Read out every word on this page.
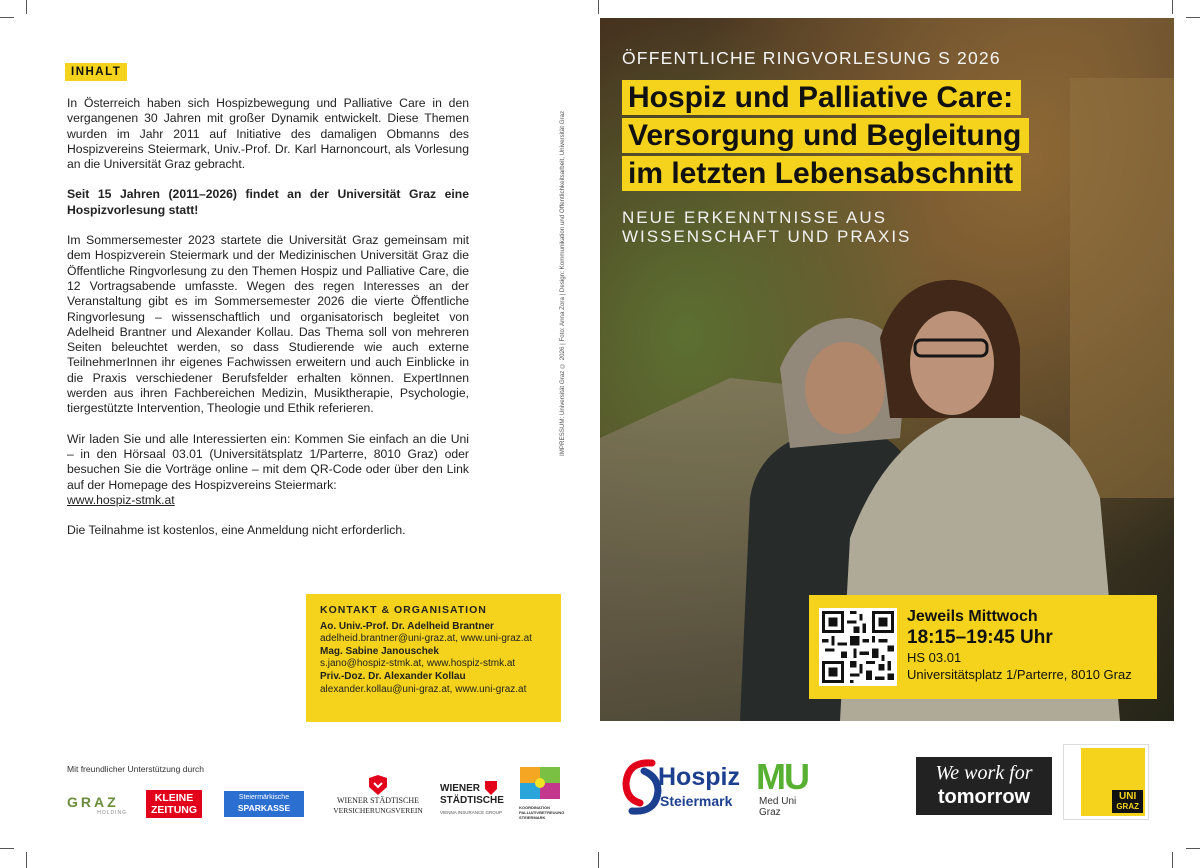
INHALT

In Österreich haben sich Hospizbewegung und Palliative Care in den vergangenen 30 Jahren mit großer Dynamik entwickelt. Diese Themen wurden im Jahr 2011 auf Initiative des damaligen Obmanns des Hospizvereins Steiermark, Univ.-Prof. Dr. Karl Harnoncourt, als Vorlesung an die Universität Graz gebracht.

Seit 15 Jahren (2011–2026) findet an der Universität Graz eine Hospizvorlesung statt!

Im Sommersemester 2023 startete die Universität Graz gemeinsam mit dem Hospizverein Steiermark und der Medizinischen Universität Graz die Öffentliche Ringvorlesung zu den Themen Hospiz und Palliative Care, die 12 Vortragsabende umfasste. Wegen des regen Interesses an der Veranstaltung gibt es im Sommersemester 2026 die vierte Öffentliche Ringvorlesung – wissenschaftlich und organisatorisch begleitet von Adelheid Brantner und Alexander Kollau. Das Thema soll von mehreren Seiten beleuchtet werden, so dass Studierende wie auch externe TeilnehmerInnen ihr eigenes Fachwissen erweitern und auch Einblicke in die Praxis verschiedener Berufsfelder erhalten können. ExpertInnen werden aus ihren Fachbereichen Medizin, Musiktherapie, Psychologie, tiergestützte Intervention, Theologie und Ethik referieren.

Wir laden Sie und alle Interessierten ein: Kommen Sie einfach an die Uni – in den Hörsaal 03.01 (Universitätsplatz 1/Parterre, 8010 Graz) oder besuchen Sie die Vorträge online – mit dem QR-Code oder über den Link auf der Homepage des Hospizvereins Steiermark:
www.hospiz-stmk.at

Die Teilnahme ist kostenlos, eine Anmeldung nicht erforderlich.

IMPRESSUM: Universität Graz © 2026 | Foto: Anna Zora | Design: Kommunikation und Öffentlichkeitsarbeit, Universität Graz
KONTAKT & ORGANISATION
Ao. Univ.-Prof. Dr. Adelheid Brantner
adelheid.brantner@uni-graz.at, www.uni-graz.at
Mag. Sabine Janouschek
s.jano@hospiz-stmk.at, www.hospiz-stmk.at
Priv.-Doz. Dr. Alexander Kollau
alexander.kollau@uni-graz.at, www.uni-graz.at
Mit freundlicher Unterstützung durch
GRAZ
HOLDING
KLEINE
ZEITUNG
Steiermärkische
SPARKASSE
WIENER STÄDTISCHE
VERSICHERUNGSVEREIN
WIENER
STÄDTISCHE
VIENNA INSURANCE GROUP
KOORDINATION
PALLIATIVBETREUUNG
STEIERMARK
ÖFFENTLICHE RINGVORLESUNG S 2026
Hospiz und Palliative Care:
Versorgung und Begleitung
im letzten Lebensabschnitt
NEUE ERKENNTNISSE AUS
WISSENSCHAFT UND PRAXIS
Jeweils Mittwoch
18:15–19:45 Uhr
HS 03.01
Universitätsplatz 1/Parterre, 8010 Graz
Hospiz
Steiermark
MU
Med Uni
Graz
We work for
tomorrow	UNI
GRAZ
